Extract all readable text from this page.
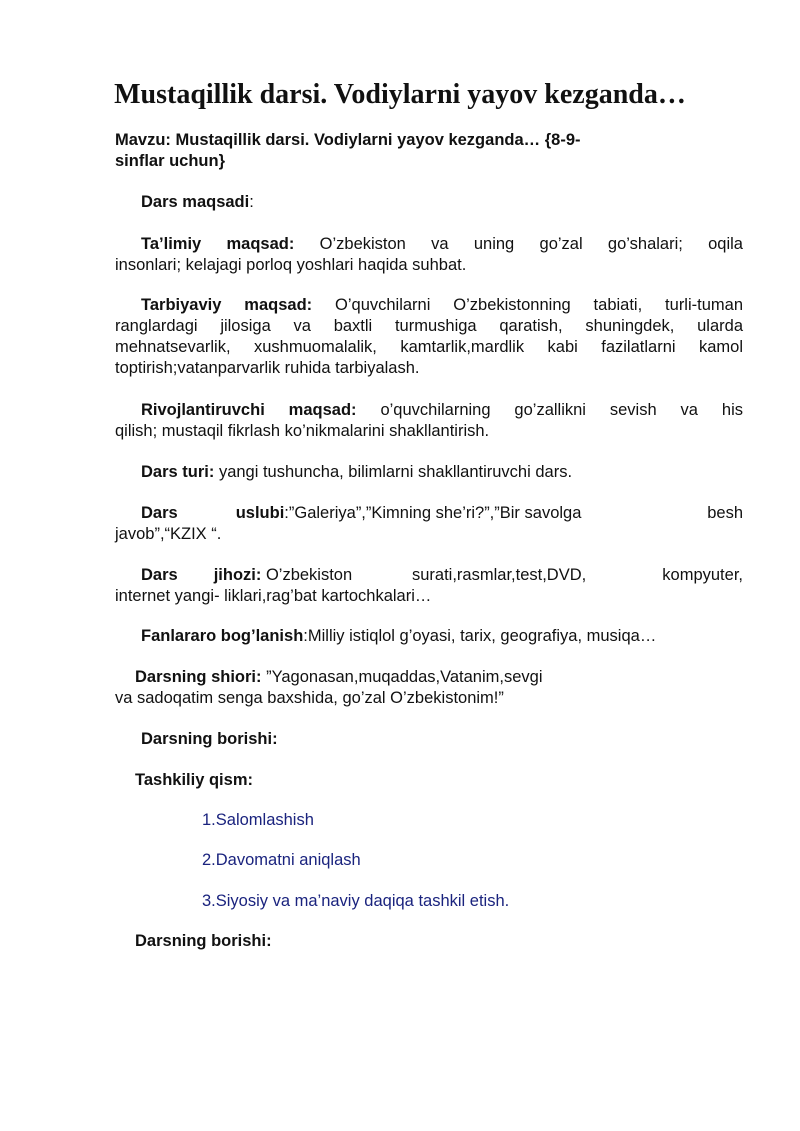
Mustaqillik darsi. Vodiylarni yayov kezganda…
Mavzu: Mustaqillik darsi. Vodiylarni yayov kezganda… {8-9-
sinflar uchun}
Dars maqsadi:
Ta’limiy maqsad: O’zbekiston va uning go’zal go’shalari; oqila
insonlari; kelajagi porloq yoshlari haqida suhbat.
Tarbiyaviy maqsad: O’quvchilarni O’zbekistonning tabiati, turli-tuman
ranglardagi jilosiga va baxtli turmushiga qaratish, shuningdek, ularda
mehnatsevarlik, xushmuomalalik, kamtarlik,mardlik kabi fazilatlarni kamol
toptirish;vatanparvarlik ruhida tarbiyalash.
Rivojlantiruvchi maqsad: o’quvchilarning go’zallikni sevish va his
qilish; mustaqil fikrlash ko’nikmalarini shakllantirish.
Dars turi: yangi tushuncha, bilimlarni shakllantiruvchi dars.
Dars	uslubi:”Galeriya”,”Kimning she’ri?”,”Bir savolga	besh
javob”,“KZIX “.
Dars jihozi: O’zbekiston	surati,rasmlar,test,DVD,	kompyuter,
internet yangi- liklari,rag’bat kartochkalari…
Fanlararo bog’lanish:Milliy istiqlol g’oyasi, tarix, geografiya, musiqa…
Darsning shiori: ”Yagonasan,muqaddas,Vatanim,sevgi
va sadoqatim senga baxshida, go’zal O’zbekistonim!”
Darsning borishi:
Tashkiliy qism:
1.Salomlashish
2.Davomatni aniqlash
3.Siyosiy va ma’naviy daqiqa tashkil etish.
Darsning borishi:
